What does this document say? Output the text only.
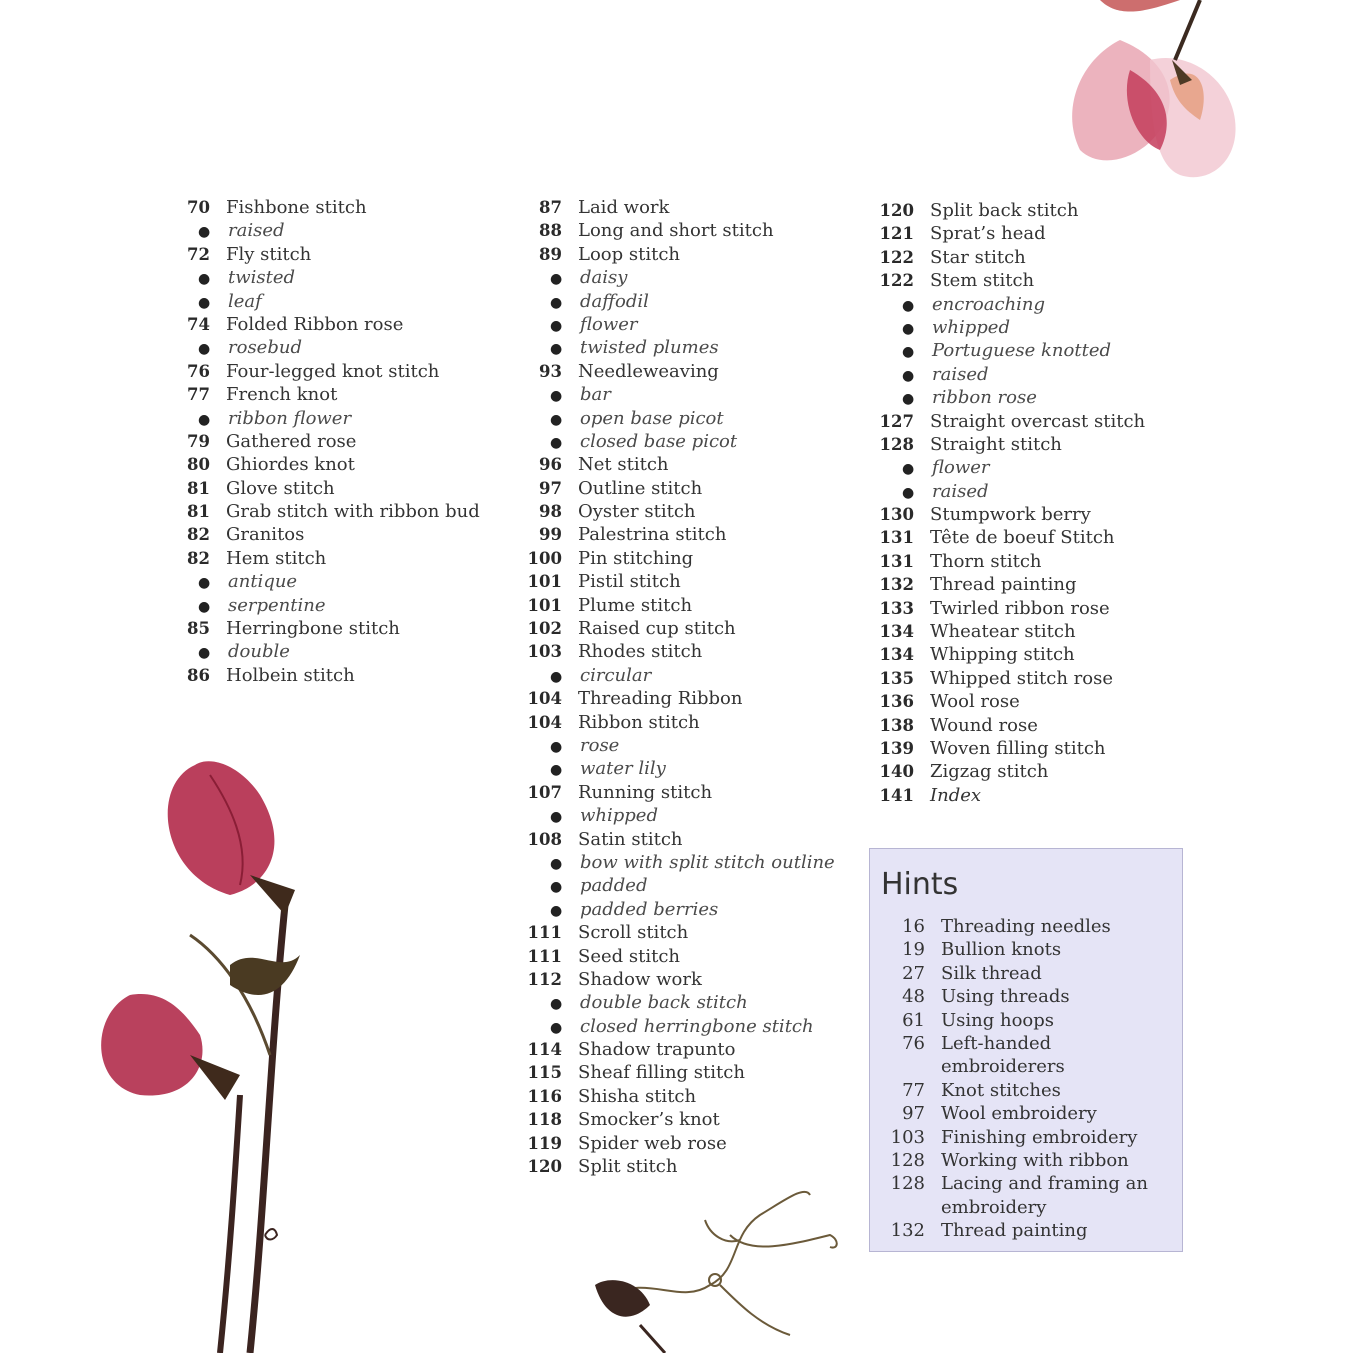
70 Fishbone stitch
● raised
72 Fly stitch
● twisted
● leaf
74 Folded Ribbon rose
● rosebud
76 Four-legged knot stitch
77 French knot
● ribbon flower
79 Gathered rose
80 Ghiordes knot
81 Glove stitch
81 Grab stitch with ribbon bud
82 Granitos
82 Hem stitch
● antique
● serpentine
85 Herringbone stitch
● double
86 Holbein stitch
87 Laid work
88 Long and short stitch
89 Loop stitch
● daisy
● daffodil
● flower
● twisted plumes
93 Needleweaving
● bar
● open base picot
● closed base picot
96 Net stitch
97 Outline stitch
98 Oyster stitch
99 Palestrina stitch
100 Pin stitching
101 Pistil stitch
101 Plume stitch
102 Raised cup stitch
103 Rhodes stitch
● circular
104 Threading Ribbon
104 Ribbon stitch
● rose
● water lily
107 Running stitch
● whipped
108 Satin stitch
● bow with split stitch outline
● padded
● padded berries
111 Scroll stitch
111 Seed stitch
112 Shadow work
● double back stitch
● closed herringbone stitch
114 Shadow trapunto
115 Sheaf filling stitch
116 Shisha stitch
118 Smocker’s knot
119 Spider web rose
120 Split stitch
120 Split back stitch
121 Sprat’s head
122 Star stitch
122 Stem stitch
● encroaching
● whipped
● Portuguese knotted
● raised
● ribbon rose
127 Straight overcast stitch
128 Straight stitch
● flower
● raised
130 Stumpwork berry
131 Tête de boeuf Stitch
131 Thorn stitch
132 Thread painting
133 Twirled ribbon rose
134 Wheatear stitch
134 Whipping stitch
135 Whipped stitch rose
136 Wool rose
138 Wound rose
139 Woven filling stitch
140 Zigzag stitch
141 Index
Hints
16 Threading needles
19 Bullion knots
27 Silk thread
48 Using threads
61 Using hoops
76 Left-handed embroiderers
77 Knot stitches
97 Wool embroidery
103 Finishing embroidery
128 Working with ribbon
128 Lacing and framing an embroidery
132 Thread painting
